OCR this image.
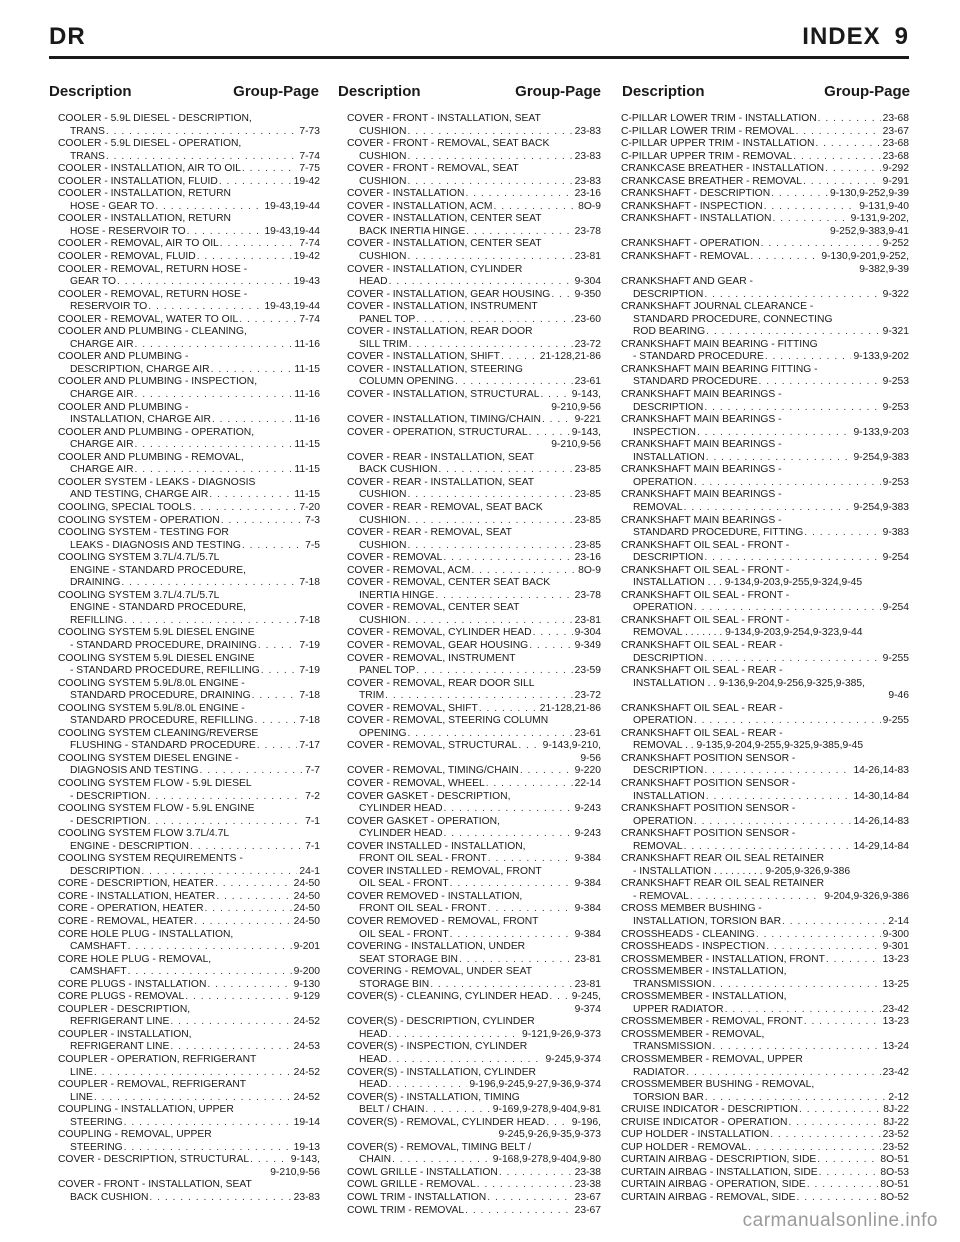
DR	INDEX 9
Description	Group-Page Description	Group-Page Description	Group-Page
COOLER - 5.9L DIESEL - DESCRIPTION,
TRANS . . .	7-73
COOLER - 5.9L DIESEL - OPERATION,
TRANS . . .	7-74
COOLER - INSTALLATION, AIR TO OIL . . .	7-75
COOLER - INSTALLATION, FLUID . . .	19-42
COOLER - INSTALLATION, RETURN
HOSE - GEAR TO . . .	19-43,19-44
COOLER - INSTALLATION, RETURN
HOSE - RESERVOIR TO . . .	19-43,19-44
COOLER - REMOVAL, AIR TO OIL . . .	7-74
COOLER - REMOVAL, FLUID . . .	19-42
COOLER - REMOVAL, RETURN HOSE -
GEAR TO . . .	19-43
COOLER - REMOVAL, RETURN HOSE -
RESERVOIR TO . . .	19-43,19-44
COOLER - REMOVAL, WATER TO OIL . . .	7-74
COOLER AND PLUMBING - CLEANING,
CHARGE AIR . . .	11-16
COOLER AND PLUMBING -
DESCRIPTION, CHARGE AIR . . .	11-15
COOLER AND PLUMBING - INSPECTION,
CHARGE AIR . . .	11-16
COOLER AND PLUMBING -
INSTALLATION, CHARGE AIR . . .	11-16
COOLER AND PLUMBING - OPERATION,
CHARGE AIR . . .	11-15
COOLER AND PLUMBING - REMOVAL,
CHARGE AIR . . .	11-15
COOLER SYSTEM - LEAKS - DIAGNOSIS
AND TESTING, CHARGE AIR . . .	11-15
COOLING, SPECIAL TOOLS . . .	7-20
COOLING SYSTEM - OPERATION . . .	7-3
COOLING SYSTEM - TESTING FOR
LEAKS - DIAGNOSIS AND TESTING . . .	7-5
COOLING SYSTEM 3.7L/4.7L/5.7L
ENGINE - STANDARD PROCEDURE,
DRAINING . . .	7-18
COOLING SYSTEM 3.7L/4.7L/5.7L
ENGINE - STANDARD PROCEDURE,
REFILLING . . .	7-18
COOLING SYSTEM 5.9L DIESEL ENGINE
- STANDARD PROCEDURE, DRAINING . . .	7-19
COOLING SYSTEM 5.9L DIESEL ENGINE
- STANDARD PROCEDURE, REFILLING . . .	7-19
COOLING SYSTEM 5.9L/8.0L ENGINE -
STANDARD PROCEDURE, DRAINING . . .	7-18
COOLING SYSTEM 5.9L/8.0L ENGINE -
STANDARD PROCEDURE, REFILLING . . .	7-18
COOLING SYSTEM CLEANING/REVERSE
FLUSHING - STANDARD PROCEDURE . . .	7-17
COOLING SYSTEM DIESEL ENGINE -
DIAGNOSIS AND TESTING . . .	7-7
COOLING SYSTEM FLOW - 5.9L DIESEL
- DESCRIPTION . . .	7-2
COOLING SYSTEM FLOW - 5.9L ENGINE
- DESCRIPTION . . .	7-1
COOLING SYSTEM FLOW 3.7L/4.7L
ENGINE - DESCRIPTION . . .	7-1
COOLING SYSTEM REQUIREMENTS -
DESCRIPTION . . .	24-1
CORE - DESCRIPTION, HEATER . . .	24-50
CORE - INSTALLATION, HEATER . . .	24-50
CORE - OPERATION, HEATER . . .	24-50
CORE - REMOVAL, HEATER . . .	24-50
CORE HOLE PLUG - INSTALLATION,
CAMSHAFT . . .	9-201
CORE HOLE PLUG - REMOVAL,
CAMSHAFT . . .	9-200
CORE PLUGS - INSTALLATION . . .	9-130
CORE PLUGS - REMOVAL . . .	9-129
COUPLER - DESCRIPTION,
REFRIGERANT LINE . . .	24-52
COUPLER - INSTALLATION,
REFRIGERANT LINE . . .	24-53
COUPLER - OPERATION, REFRIGERANT
LINE . . .	24-52
COUPLER - REMOVAL, REFRIGERANT
LINE . . .	24-52
COUPLING - INSTALLATION, UPPER
STEERING . . .	19-14
COUPLING - REMOVAL, UPPER
STEERING . . .	19-13
COVER - DESCRIPTION, STRUCTURAL . . .	9-143,
9-210,9-56
COVER - FRONT - INSTALLATION, SEAT
BACK CUSHION . . .	23-83
COVER - FRONT - INSTALLATION, SEAT
CUSHION . . .	23-83
COVER - FRONT - REMOVAL, SEAT BACK
CUSHION . . .	23-83
COVER - FRONT - REMOVAL, SEAT
CUSHION . . .	23-83
COVER - INSTALLATION . . .	23-16
COVER - INSTALLATION, ACM . . .	8O-9
COVER - INSTALLATION, CENTER SEAT
BACK INERTIA HINGE . . .	23-78
COVER - INSTALLATION, CENTER SEAT
CUSHION . . .	23-81
COVER - INSTALLATION, CYLINDER
HEAD . . .	9-304
COVER - INSTALLATION, GEAR HOUSING . . . 9-350
COVER - INSTALLATION, INSTRUMENT
PANEL TOP . . .	23-60
COVER - INSTALLATION, REAR DOOR
SILL TRIM . . .	23-72
COVER - INSTALLATION, SHIFT . . .	21-128,21-86
COVER - INSTALLATION, STEERING
COLUMN OPENING . . .	23-61
COVER - INSTALLATION, STRUCTURAL . . .	9-143,
9-210,9-56
COVER - INSTALLATION, TIMING/CHAIN . . .	9-221
COVER - OPERATION, STRUCTURAL . . .	9-143,
9-210,9-56
COVER - REAR - INSTALLATION, SEAT
BACK CUSHION . . .	23-85
COVER - REAR - INSTALLATION, SEAT
CUSHION . . .	23-85
COVER - REAR - REMOVAL, SEAT BACK
CUSHION . . .	23-85
COVER - REAR - REMOVAL, SEAT
CUSHION . . .	23-85
COVER - REMOVAL . . .	23-16
COVER - REMOVAL, ACM . . .	8O-9
COVER - REMOVAL, CENTER SEAT BACK
INERTIA HINGE . . .	23-78
COVER - REMOVAL, CENTER SEAT
CUSHION . . .	23-81
COVER - REMOVAL, CYLINDER HEAD . . .	9-304
COVER - REMOVAL, GEAR HOUSING . . .	9-349
COVER - REMOVAL, INSTRUMENT
PANEL TOP . . .	23-59
COVER - REMOVAL, REAR DOOR SILL
TRIM . . .	23-72
COVER - REMOVAL, SHIFT . . .	21-128,21-86
COVER - REMOVAL, STEERING COLUMN
OPENING . . .	23-61
COVER - REMOVAL, STRUCTURAL . . . 9-143,9-210,
9-56
COVER - REMOVAL, TIMING/CHAIN . . .	9-220
COVER - REMOVAL, WHEEL . . .	22-14
COVER GASKET - DESCRIPTION,
CYLINDER HEAD . . .	9-243
COVER GASKET - OPERATION,
CYLINDER HEAD . . .	9-243
COVER INSTALLED - INSTALLATION,
FRONT OIL SEAL - FRONT . . .	9-384
COVER INSTALLED - REMOVAL, FRONT
OIL SEAL - FRONT . . .	9-384
COVER REMOVED - INSTALLATION,
FRONT OIL SEAL - FRONT . . .	9-384
COVER REMOVED - REMOVAL, FRONT
OIL SEAL - FRONT . . .	9-384
COVERING - INSTALLATION, UNDER
SEAT STORAGE BIN . . .	23-81
COVERING - REMOVAL, UNDER SEAT
STORAGE BIN . . .	23-81
COVER(S) - CLEANING, CYLINDER HEAD . . . 9-245,
9-374
COVER(S) - DESCRIPTION, CYLINDER
HEAD . . .	9-121,9-26,9-373
COVER(S) - INSPECTION, CYLINDER
HEAD . . .	9-245,9-374
COVER(S) - INSTALLATION, CYLINDER
HEAD . . .	9-196,9-245,9-27,9-36,9-374
COVER(S) - INSTALLATION, TIMING
BELT / CHAIN . . .	9-169,9-278,9-404,9-81
COVER(S) - REMOVAL, CYLINDER HEAD . . .	9-196,
9-245,9-26,9-35,9-373
COVER(S) - REMOVAL, TIMING BELT /
CHAIN . . .	9-168,9-278,9-404,9-80
COWL GRILLE - INSTALLATION . . .	23-38
COWL GRILLE - REMOVAL . . .	23-38
COWL TRIM - INSTALLATION . . .	23-67
COWL TRIM - REMOVAL . . .	23-67
C-PILLAR LOWER TRIM - INSTALLATION . . .	23-68
C-PILLAR LOWER TRIM - REMOVAL . . .	23-67
C-PILLAR UPPER TRIM - INSTALLATION . . .	23-68
C-PILLAR UPPER TRIM - REMOVAL . . .	23-68
CRANKCASE BREATHER - INSTALLATION . . .	9-292
CRANKCASE BREATHER - REMOVAL . . .	9-291
CRANKSHAFT - DESCRIPTION . . .	9-130,9-252,9-39
CRANKSHAFT - INSPECTION . . .	9-131,9-40
CRANKSHAFT - INSTALLATION . . .	9-131,9-202,
9-252,9-383,9-41
CRANKSHAFT - OPERATION . . .	9-252
CRANKSHAFT - REMOVAL . . .	9-130,9-201,9-252,
9-382,9-39
CRANKSHAFT AND GEAR -
DESCRIPTION . . .	9-322
CRANKSHAFT JOURNAL CLEARANCE -
STANDARD PROCEDURE, CONNECTING
ROD BEARING . . .	9-321
CRANKSHAFT MAIN BEARING - FITTING
- STANDARD PROCEDURE . . .	9-133,9-202
CRANKSHAFT MAIN BEARING FITTING -
STANDARD PROCEDURE . . .	9-253
CRANKSHAFT MAIN BEARINGS -
DESCRIPTION . . .	9-253
CRANKSHAFT MAIN BEARINGS -
INSPECTION . . .	9-133,9-203
CRANKSHAFT MAIN BEARINGS -
INSTALLATION . . .	9-254,9-383
CRANKSHAFT MAIN BEARINGS -
OPERATION . . .	9-253
CRANKSHAFT MAIN BEARINGS -
REMOVAL . . .	9-254,9-383
CRANKSHAFT MAIN BEARINGS -
STANDARD PROCEDURE, FITTING . . .	9-383
CRANKSHAFT OIL SEAL - FRONT -
DESCRIPTION . . .	9-254
CRANKSHAFT OIL SEAL - FRONT -
INSTALLATION . . . 9-134,9-203,9-255,9-324,9-45
CRANKSHAFT OIL SEAL - FRONT -
OPERATION . . .	9-254
CRANKSHAFT OIL SEAL - FRONT -
REMOVAL . . . . . . . 9-134,9-203,9-254,9-323,9-44
CRANKSHAFT OIL SEAL - REAR -
DESCRIPTION . . .	9-255
CRANKSHAFT OIL SEAL - REAR -
INSTALLATION . . 9-136,9-204,9-256,9-325,9-385,
9-46
CRANKSHAFT OIL SEAL - REAR -
OPERATION . . .	9-255
CRANKSHAFT OIL SEAL - REAR -
REMOVAL . . 9-135,9-204,9-255,9-325,9-385,9-45
CRANKSHAFT POSITION SENSOR -
DESCRIPTION . . .	14-26,14-83
CRANKSHAFT POSITION SENSOR -
INSTALLATION . . .	14-30,14-84
CRANKSHAFT POSITION SENSOR -
OPERATION . . .	14-26,14-83
CRANKSHAFT POSITION SENSOR -
REMOVAL . . .	14-29,14-84
CRANKSHAFT REAR OIL SEAL RETAINER
- INSTALLATION . . . . . . . . . 9-205,9-326,9-386
CRANKSHAFT REAR OIL SEAL RETAINER
- REMOVAL . . .	9-204,9-326,9-386
CROSS MEMBER BUSHING -
INSTALLATION, TORSION BAR . . .	2-14
CROSSHEADS - CLEANING . . .	9-300
CROSSHEADS - INSPECTION . . .	9-301
CROSSMEMBER - INSTALLATION, FRONT . . .	13-23
CROSSMEMBER - INSTALLATION,
TRANSMISSION . . .	13-25
CROSSMEMBER - INSTALLATION,
UPPER RADIATOR . . .	23-42
CROSSMEMBER - REMOVAL, FRONT . . .	13-23
CROSSMEMBER - REMOVAL,
TRANSMISSION . . .	13-24
CROSSMEMBER - REMOVAL, UPPER
RADIATOR . . .	23-42
CROSSMEMBER BUSHING - REMOVAL,
TORSION BAR . . .	2-12
CRUISE INDICATOR - DESCRIPTION . . .	8J-22
CRUISE INDICATOR - OPERATION . . .	8J-22
CUP HOLDER - INSTALLATION . . .	23-52
CUP HOLDER - REMOVAL . . .	23-52
CURTAIN AIRBAG - DESCRIPTION, SIDE . . .	8O-51
CURTAIN AIRBAG - INSTALLATION, SIDE . . .	8O-53
CURTAIN AIRBAG - OPERATION, SIDE . . .	8O-51
CURTAIN AIRBAG - REMOVAL, SIDE . . .	8O-52
carmanualsonline.info
